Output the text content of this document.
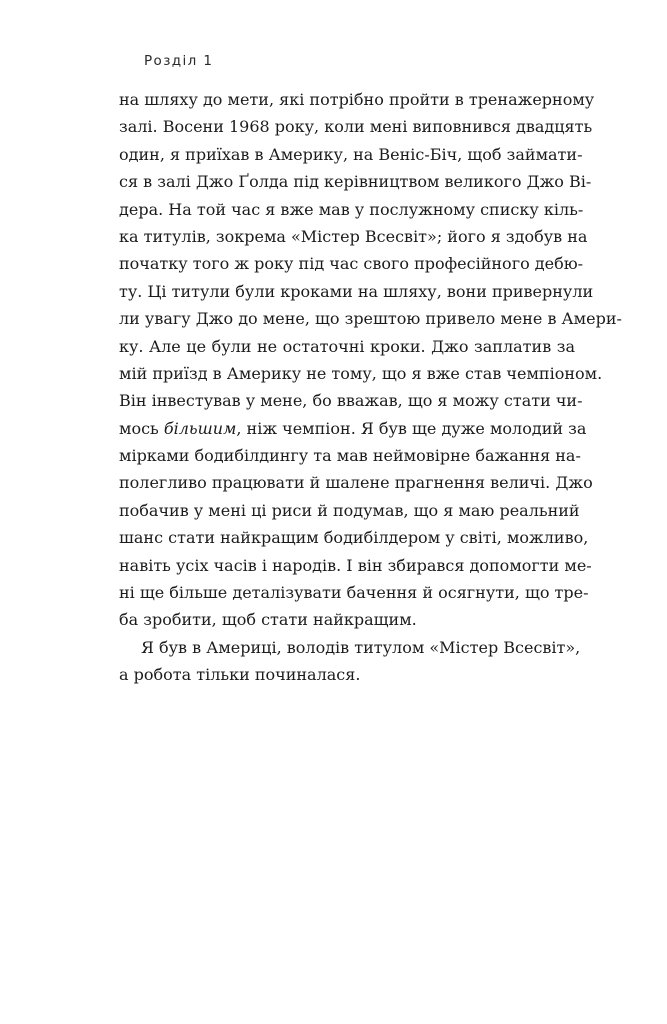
Розділ 1
на шляху до мети, які потрібно пройти в тренажерному
залі. Восени 1968 року, коли мені виповнився двадцять
один, я приїхав в Америку, на Веніс-Біч, щоб займати-
ся в залі Джо Ґолда під керівництвом великого Джо Ві-
дера. На той час я вже мав у послужному списку кіль-
ка титулів, зокрема «Містер Всесвіт»; його я здобув на
початку того ж року під час свого професійного дебю-
ту. Ці титули були кроками на шляху, вони привернули
ли увагу Джо до мене, що зрештою привело мене в Амери-
ку. Але це були не остаточні кроки. Джо заплатив за
мій приїзд в Америку не тому, що я вже став чемпіоном.
Він інвестував у мене, бо вважав, що я можу стати чи-
мось більшим, ніж чемпіон. Я був ще дуже молодий за
мірками бодибілдингу та мав неймовірне бажання на-
полегливо працювати й шалене прагнення величі. Джо
побачив у мені ці риси й подумав, що я маю реальний
шанс стати найкращим бодибілдером у світі, можливо,
навіть усіх часів і народів. І він збирався допомогти ме-
ні ще більше деталізувати бачення й осягнути, що тре-
ба зробити, щоб стати найкращим.
Я був в Америці, володів титулом «Містер Всесвіт»,
а робота тільки починалася.
